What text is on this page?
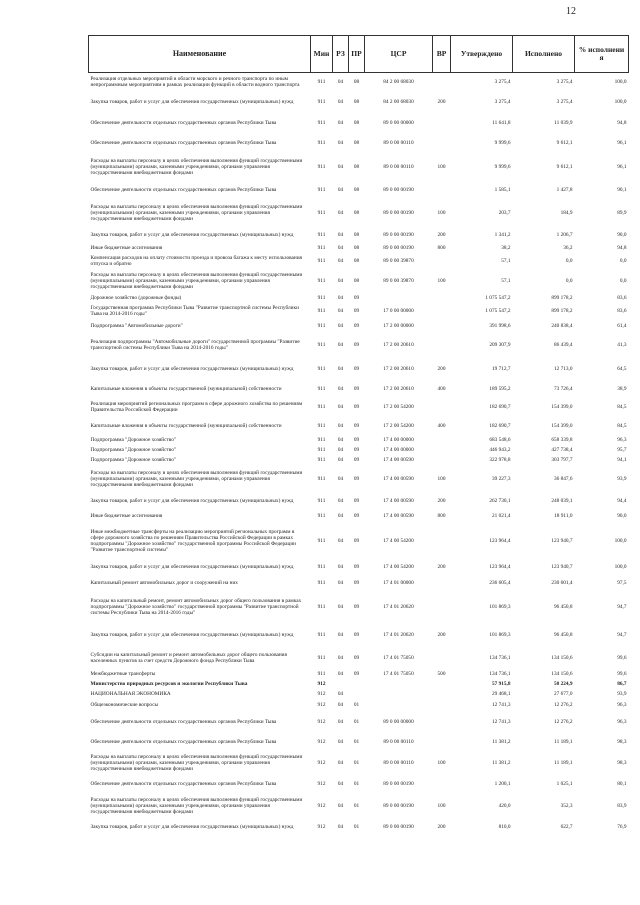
12
Наименование	Мин	РЗ	ПР	ЦСР	ВР	Утверждено	Исполнено	% исполнени я
Реализация отдельных мероприятий в области морского и речного транспорта по иным непрограммным мероприятиям в рамках реализации функций в области водного транспорта	911	04	08	84 2 00 68030		3 275,4	3 275,4	100,0
Закупка товаров, работ и услуг для обеспечения государственных (муниципальных) нужд	911	04	08	84 2 00 68030	200	3 275,4	3 275,4	100,0
Обеспечение деятельности отдельных государственных органов Республики Тыва	911	04	08	89 0 00 00000		11 641,8	11 039,9	94,8
Обеспечение деятельности отдельных государственных органов Республики Тыва	911	04	08	89 0 00 00110		9 999,6	9 612,1	96,1
Расходы на выплаты персоналу в целях обеспечения выполнения функций государственными (муниципальными) органами, казенными учреждениями, органами управления государственными внебюджетными фондами	911	04	08	89 0 00 00110	100	9 999,6	9 612,1	96,1
Обеспечение деятельности отдельных государственных органов Республики Тыва	911	04	08	89 0 00 00190		1 585,1	1 427,8	90,1
Расходы на выплаты персоналу в целях обеспечения выполнения функций государственными (муниципальными) органами, казенными учреждениями, органами управления государственными внебюджетными фондами	911	04	08	89 0 00 00190	100	203,7	184,9	89,9
Закупка товаров, работ и услуг для обеспечения государственных (муниципальных) нужд	911	04	08	89 0 00 00190	200	1 341,2	1 206,7	90,0
Иные бюджетные ассигнования	911	04	08	89 0 00 00190	800	38,2	36,2	94,8
Компенсация расходов на оплату стоимости проезда и провоза багажа к месту использования отпуска и обратно	911	04	08	89 0 00 39870		57,1	0,0	0,0
Расходы на выплаты персоналу в целях обеспечения выполнения функций государственными (муниципальными) органами, казенными учреждениями, органами управления государственными внебюджетными фондами	911	04	08	89 0 00 39870	100	57,1	0,0	0,0
Дорожное хозяйство (дорожные фонды)	911	04	09			1 075 547,2	899 178,2	83,6
Государственная программа Республики Тыва "Развитие транспортной системы Республики Тыва на 2014-2016 годы"	911	04	09	17 0 00 00000		1 075 547,2	899 178,2	83,6
Подпрограмма "Автомобильные дороги"	911	04	09	17 2 00 00000		391 998,6	240 838,4	61,4
Реализация подпрограммы "Автомобильные дороги" государственной программы "Развитие транспортной системы Республики Тыва на 2014-2016 годы"	911	04	09	17 2 00 20610		209 307,9	86 439,4	41,3
Закупка товаров, работ и услуг для обеспечения государственных (муниципальных) нужд	911	04	09	17 2 00 20610	200	19 712,7	12 713,0	64,5
Капитальные вложения в объекты государственной (муниципальной) собственности	911	04	09	17 2 00 20610	400	189 595,2	73 726,4	38,9
Реализация мероприятий региональных программ в сфере дорожного хозяйства по решениям Правительства Российской Федерации	911	04	09	17 2 00 54200		182 690,7	154 399,0	84,5
Капитальные вложения в объекты государственной (муниципальной) собственности	911	04	09	17 2 00 54200	400	182 690,7	154 399,0	84,5
Подпрограмма "Дорожное хозяйство"	911	04	09	17 4 00 00000		683 548,6	658 339,8	96,3
Подпрограмма "Дорожное хозяйство"	911	04	09	17 4 00 00000		446 943,2	427 738,4	95,7
Подпрограмма "Дорожное хозяйство"	911	04	09	17 4 00 00590		322 978,8	303 797,7	94,1
Расходы на выплаты персоналу в целях обеспечения выполнения функций государственными (муниципальными) органами, казенными учреждениями, органами управления государственными внебюджетными фондами	911	04	09	17 4 00 00590	100	39 227,3	36 847,6	93,9
Закупка товаров, работ и услуг для обеспечения государственных (муниципальных) нужд	911	04	09	17 4 00 00590	200	262 730,1	248 039,1	94,4
Иные бюджетные ассигнования	911	04	09	17 4 00 00590	800	21 021,4	18 911,0	90,0
Иные межбюджетные трансферты на реализацию мероприятий региональных программ в сфере дорожного хозяйства по решениям Правительства Российской Федерации в рамках подпрограммы "Дорожное хозяйство" государственной программы Российской Федерации "Развитие транспортной системы"	911	04	09	17 4 00 54200		123 964,4	123 940,7	100,0
Закупка товаров, работ и услуг для обеспечения государственных (муниципальных) нужд	911	04	09	17 4 00 54200	200	123 964,4	123 940,7	100,0
Капитальный ремонт автомобильных дорог и сооружений на них	911	04	09	17 4 01 00000		236 605,4	230 601,4	97,5
Расходы на капитальный ремонт, ремонт автомобильных дорог общего пользования в рамках подпрограммы "Дорожное хозяйство" государственной программы "Развитие транспортной системы Республики Тыва на 2014-2016 годы"	911	04	09	17 4 01 20620		101 869,3	96 450,8	94,7
Закупка товаров, работ и услуг для обеспечения государственных (муниципальных) нужд	911	04	09	17 4 01 20620	200	101 869,3	96 450,8	94,7
Субсидии на капитальный ремонт и ремонт автомобильных дорог общего пользования населенных пунктов за счет средств Дорожного фонда Республики Тыва	911	04	09	17 4 01 75050		134 736,1	134 150,6	99,6
Межбюджетные трансферты	911	04	09	17 4 01 75050	500	134 736,1	134 150,6	99,6
Министерство природных ресурсов и экологии Республики Тыва	912					57 915,8	50 224,9	86,7
НАЦИОНАЛЬНАЯ ЭКОНОМИКА	912	04				29 468,1	27 677,0	93,9
Общеэкономические вопросы	912	04	01			12 741,3	12 276,2	96,3
Обеспечение деятельности отдельных государственных органов Республики Тыва	912	04	01	89 0 00 00000		12 741,3	12 276,2	96,3
Обеспечение деятельности отдельных государственных органов Республики Тыва	912	04	01	89 0 00 00110		11 381,2	11 189,1	98,3
Расходы на выплаты персоналу в целях обеспечения выполнения функций государственными (муниципальными) органами, казенными учреждениями, органами управления государственными внебюджетными фондами	912	04	01	89 0 00 00110	100	11 381,2	11 189,1	98,3
Обеспечение деятельности отдельных государственных органов Республики Тыва	912	04	01	89 0 00 00190		1 200,1	1 025,1	80,1
Расходы на выплаты персоналу в целях обеспечения выполнения функций государственными (муниципальными) органами, казенными учреждениями, органами управления государственными внебюджетными фондами	912	04	01	89 0 00 00190	100	420,0	352,3	83,9
Закупка товаров, работ и услуг для обеспечения государственных (муниципальных) нужд	912	04	01	89 0 00 00190	200	810,0	622,7	76,9
